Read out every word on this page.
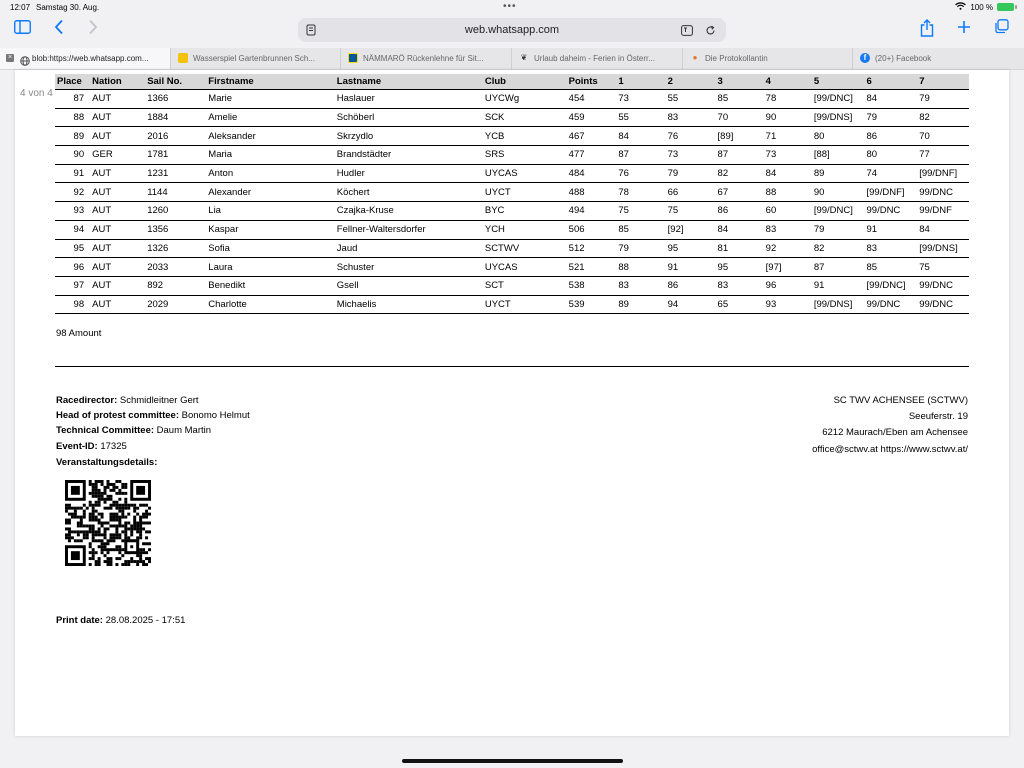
12:07 Samstag 30. Aug.	•••	100 %
web.whatsapp.com

× blob:https://web.whatsapp.com...	Wasserspiel Gartenbrunnen Sch...	NÄMMARÖ Rückenlehne für Sit...	❦ Urlaub daheim - Ferien in Österr...	● Die Protokollantin	f	(20+) Facebook
Place	Nation	Sail No.	Firstname	Lastname	Club	Points	1	2	3	4	5	6	7
87	AUT	1366	Marie	Haslauer	UYCWg	454	73	55	85	78	[99/DNC]	84	79
88	AUT	1884	Amelie	Schöberl	SCK	459	55	83	70	90	[99/DNS]	79	82
89	AUT	2016	Aleksander	Skrzydlo	YCB	467	84	76	[89]	71	80	86	70
90	GER	1781	Maria	Brandstädter	SRS	477	87	73	87	73	[88]	80	77
91	AUT	1231	Anton	Hudler	UYCAS	484	76	79	82	84	89	74	[99/DNF]
92	AUT	1144	Alexander	Köchert	UYCT	488	78	66	67	88	90	[99/DNF]	99/DNC
93	AUT	1260	Lia	Czajka-Kruse	BYC	494	75	75	86	60	[99/DNC]	99/DNC	99/DNF
94	AUT	1356	Kaspar	Fellner-Waltersdorfer	YCH	506	85	[92]	84	83	79	91	84
95	AUT	1326	Sofia	Jaud	SCTWV	512	79	95	81	92	82	83	[99/DNS]
96	AUT	2033	Laura	Schuster	UYCAS	521	88	91	95	[97]	87	85	75
97	AUT	892	Benedikt	Gsell	SCT	538	83	86	83	96	91	[99/DNC]	99/DNC
98	AUT	2029	Charlotte	Michaelis	UYCT	539	89	94	65	93	[99/DNS]	99/DNC	99/DNC
98 Amount
Racedirector: Schmidleitner Gert
Head of protest committee: Bonomo Helmut
Technical Committee: Daum Martin
Event-ID: 17325
SC TWV ACHENSEE (SCTWV)
Seeuferstr. 19
6212 Maurach/Eben am Achensee
office@sctwv.at https://www.sctwv.at/
Veranstaltungsdetails:
Print date: 28.08.2025 - 17:51
4 von 4
